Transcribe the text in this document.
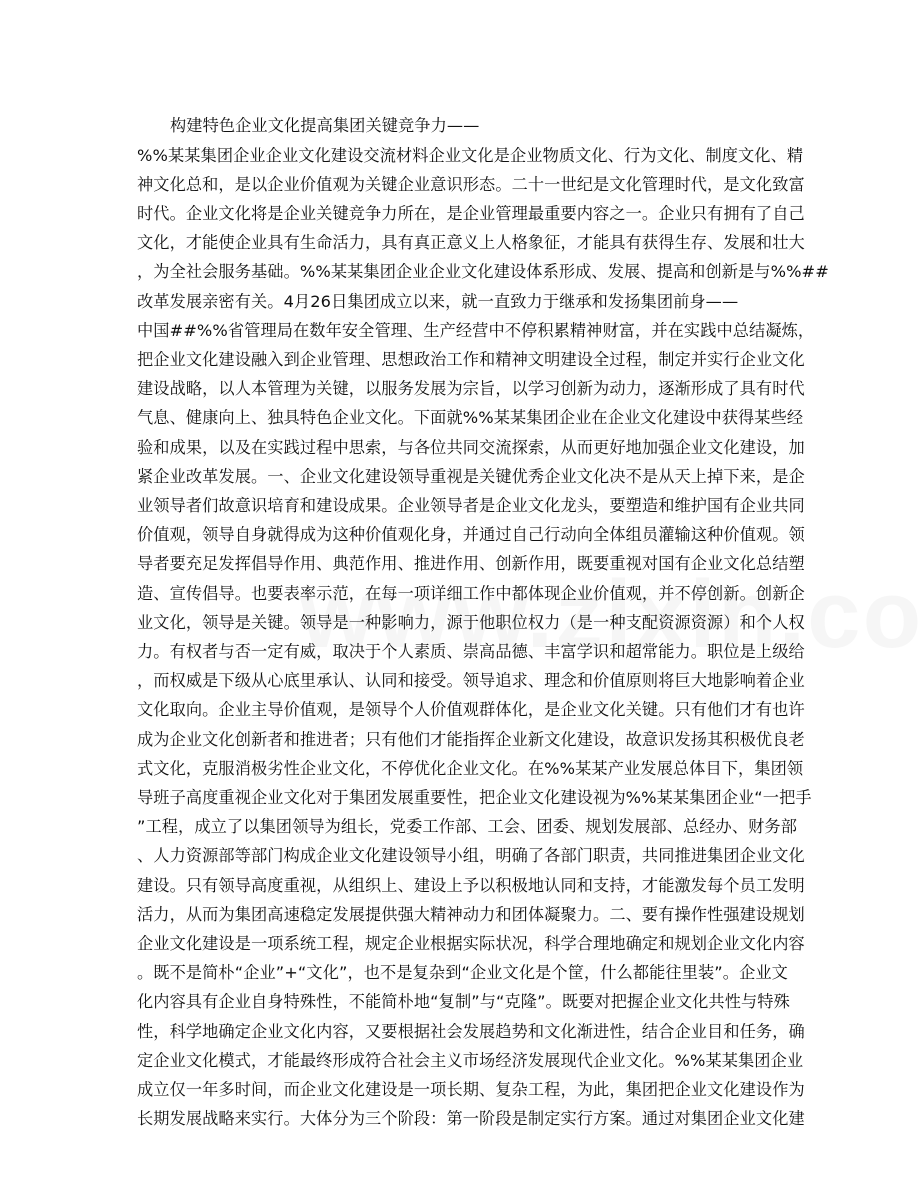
构建特色企业文化提高集团关键竞争力——
%%某某集团企业企业文化建设交流材料企业文化是企业物质文化、行为文化、制度文化、精
神文化总和，是以企业价值观为关键企业意识形态。二十一世纪是文化管理时代，是文化致富
时代。企业文化将是企业关键竞争力所在，是企业管理最重要内容之一。企业只有拥有了自己
文化，才能使企业具有生命活力，具有真正意义上人格象征，才能具有获得生存、发展和壮大
，为全社会服务基础。%%某某集团企业企业文化建设体系形成、发展、提高和创新是与%%##
改革发展亲密有关。4月26日集团成立以来，就一直致力于继承和发扬集团前身——
中国##%%省管理局在数年安全管理、生产经营中不停积累精神财富，并在实践中总结凝炼，
把企业文化建设融入到企业管理、思想政治工作和精神文明建设全过程，制定并实行企业文化
建设战略，以人本管理为关键，以服务发展为宗旨，以学习创新为动力，逐渐形成了具有时代
气息、健康向上、独具特色企业文化。下面就%%某某集团企业在企业文化建设中获得某些经
验和成果，以及在实践过程中思索，与各位共同交流探索，从而更好地加强企业文化建设，加
紧企业改革发展。一、企业文化建设领导重视是关键优秀企业文化决不是从天上掉下来，是企
业领导者们故意识培育和建设成果。企业领导者是企业文化龙头，要塑造和维护国有企业共同
价值观，领导自身就得成为这种价值观化身，并通过自己行动向全体组员灌输这种价值观。领
导者要充足发挥倡导作用、典范作用、推进作用、创新作用，既要重视对国有企业文化总结塑
造、宣传倡导。也要表率示范，在每一项详细工作中都体现企业价值观，并不停创新。创新企
业文化，领导是关键。领导是一种影响力，源于他职位权力（是一种支配资源资源）和个人权
力。有权者与否一定有威，取决于个人素质、崇高品德、丰富学识和超常能力。职位是上级给
，而权威是下级从心底里承认、认同和接受。领导追求、理念和价值原则将巨大地影响着企业
文化取向。企业主导价值观，是领导个人价值观群体化，是企业文化关键。只有他们才有也许
成为企业文化创新者和推进者；只有他们才能指挥企业新文化建设，故意识发扬其积极优良老
式文化，克服消极劣性企业文化，不停优化企业文化。在%%某某产业发展总体目下，集团领
导班子高度重视企业文化对于集团发展重要性，把企业文化建设视为%%某某集团企业“一把手
”工程，成立了以集团领导为组长，党委工作部、工会、团委、规划发展部、总经办、财务部
、人力资源部等部门构成企业文化建设领导小组，明确了各部门职责，共同推进集团企业文化
建设。只有领导高度重视，从组织上、建设上予以积极地认同和支持，才能激发每个员工发明
活力，从而为集团高速稳定发展提供强大精神动力和团体凝聚力。二、要有操作性强建设规划
企业文化建设是一项系统工程，规定企业根据实际状况，科学合理地确定和规划企业文化内容
。既不是简朴“企业”+“文化”，也不是复杂到“企业文化是个筐，什么都能往里装”。企业文
化内容具有企业自身特殊性，不能简朴地“复制”与“克隆”。既要对把握企业文化共性与特殊
性，科学地确定企业文化内容，又要根据社会发展趋势和文化渐进性，结合企业目和任务，确
定企业文化模式，才能最终形成符合社会主义市场经济发展现代企业文化。%%某某集团企业
成立仅一年多时间，而企业文化建设是一项长期、复杂工程，为此，集团把企业文化建设作为
长期发展战略来实行。大体分为三个阶段：第一阶段是制定实行方案。通过对集团企业文化建
